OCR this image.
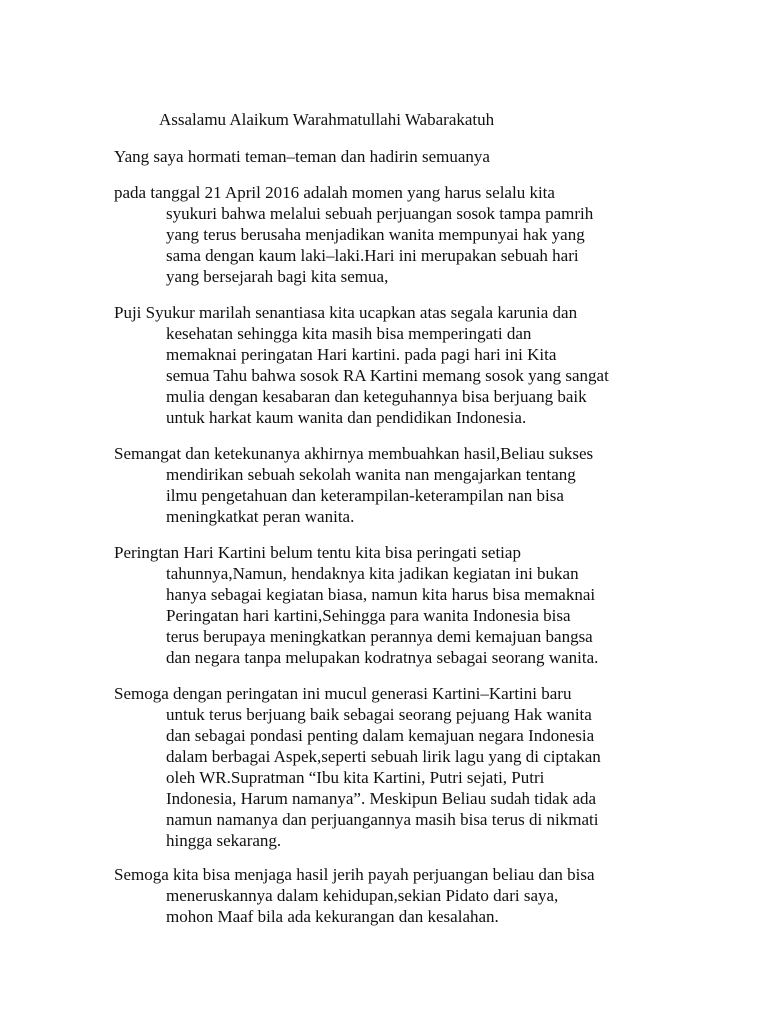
Assalamu Alaikum Warahmatullahi Wabarakatuh

Yang saya hormati teman–teman dan hadirin semuanya
pada tanggal 21 April 2016 adalah momen yang harus selalu kita
syukuri bahwa melalui sebuah perjuangan sosok tampa pamrih
yang terus berusaha menjadikan wanita mempunyai hak yang
sama dengan kaum laki–laki.Hari ini merupakan sebuah hari
yang bersejarah bagi kita semua,
Puji Syukur marilah senantiasa kita ucapkan atas segala karunia dan
kesehatan sehingga kita masih bisa memperingati dan
memaknai peringatan Hari kartini. pada pagi hari ini Kita
semua Tahu bahwa sosok RA Kartini memang sosok yang sangat
mulia dengan kesabaran dan keteguhannya bisa berjuang baik
untuk harkat kaum wanita dan pendidikan Indonesia.
Semangat dan ketekunanya akhirnya membuahkan hasil,Beliau sukses
mendirikan sebuah sekolah wanita nan mengajarkan tentang
ilmu pengetahuan dan keterampilan-keterampilan nan bisa
meningkatkat peran wanita.
Peringtan Hari Kartini belum tentu kita bisa peringati setiap
tahunnya,Namun, hendaknya kita jadikan kegiatan ini bukan
hanya sebagai kegiatan biasa, namun kita harus bisa memaknai
Peringatan hari kartini,Sehingga para wanita Indonesia bisa
terus berupaya meningkatkan perannya demi kemajuan bangsa
dan negara tanpa melupakan kodratnya sebagai seorang wanita.
Semoga dengan peringatan ini mucul generasi Kartini–Kartini baru
untuk terus berjuang baik sebagai seorang pejuang Hak wanita
dan sebagai pondasi penting dalam kemajuan negara Indonesia
dalam berbagai Aspek,seperti sebuah lirik lagu yang di ciptakan
oleh WR.Supratman “Ibu kita Kartini, Putri sejati, Putri
Indonesia, Harum namanya”. Meskipun Beliau sudah tidak ada
namun namanya dan perjuangannya masih bisa terus di nikmati
hingga sekarang.
Semoga kita bisa menjaga hasil jerih payah perjuangan beliau dan bisa
meneruskannya dalam kehidupan,sekian Pidato dari saya,
mohon Maaf bila ada kekurangan dan kesalahan.
